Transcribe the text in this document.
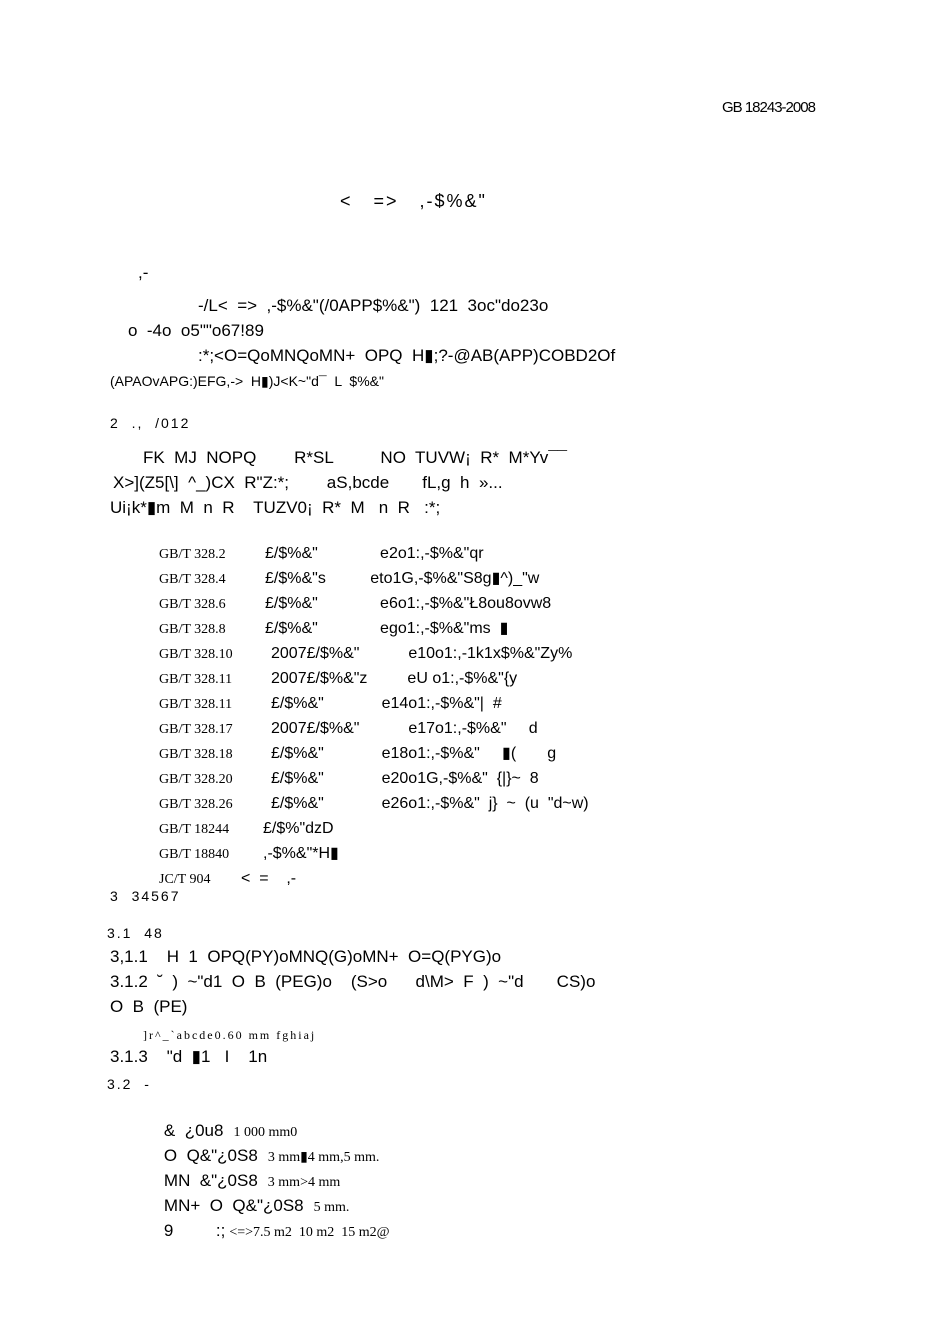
GB 18243-2008
<   =>   ,-$%&"
,-
-/L<  =>  ,-$%&"(/0APP$%&")  121  3oc"do23o
o  -4o  o5""o67!89
:*;<O=QoMNQoMN+  OPQ  H▮;?-@AB(APP)COBD2Of
(APAOvAPG:)EFG,->  H▮)J<K~"d¯  L  $%&"
2  .,  /012
FK  MJ  NOPQ        R*SL          NO  TUVW¡  R*  M*Yv¯¯
X>](Z5[\]  ^_)CX  R"Z:*;        aS,bcde       fL,g  h  »...
Ui¡k*▮m  M  n  R    TUZV0¡  R*  M   n  R   :*;

GB/T 328.2 £/$%&"              e2o1:,-$%&"qr

GB/T 328.4 £/$%&"s          eto1G,-$%&"S8g▮^)_"w

GB/T 328.6 £/$%&"              e6o1:,-$%&"Ł8ou8ovw8

GB/T 328.8 £/$%&"              ego1:,-$%&"ms  ▮

GB/T 328.10 2007£/$%&"           e10o1:,-1k1x$%&"Zy%

GB/T 328.11 2007£/$%&"z         eU o1:,-$%&"{y

GB/T 328.11 £/$%&"             e14o1:,-$%&"|  #

GB/T 328.17 2007£/$%&"           e17o1:,-$%&"     d

GB/T 328.18 £/$%&"             e18o1:,-$%&"     ▮(       g

GB/T 328.20 £/$%&"             e20o1G,-$%&"  {|}~  8

GB/T 328.26 £/$%&"             e26o1:,-$%&"  j}  ~  (u  "d~w)

GB/T 18244 £/$%"dzD

GB/T 18840 ,-$%&"*H▮

JC/T 904 <  =    ,-

3  34567
3.1  48
3,1.1    H  1  OPQ(PY)oMNQ(G)oMN+  O=Q(PYG)o
3.1.2  ˘  )  ~"d1  O  B  (PEG)o    (S>o      d\M>  F  )  ~"d       CS)o
O  B  (PE)
]r^_`abcde0.60 mm fghiaj
3.1.3    "d  ▮1   I    1n
3.2  -

&  ¿0u8 1 000 mm0

O  Q&"¿0S8 3 mm▮4 mm,5 mm.

MN  &"¿0S8 3 mm>4 mm

MN+  O  Q&"¿0S8 5 mm.

9         :; <=>7.5 m2  10 m2  15 m2@
